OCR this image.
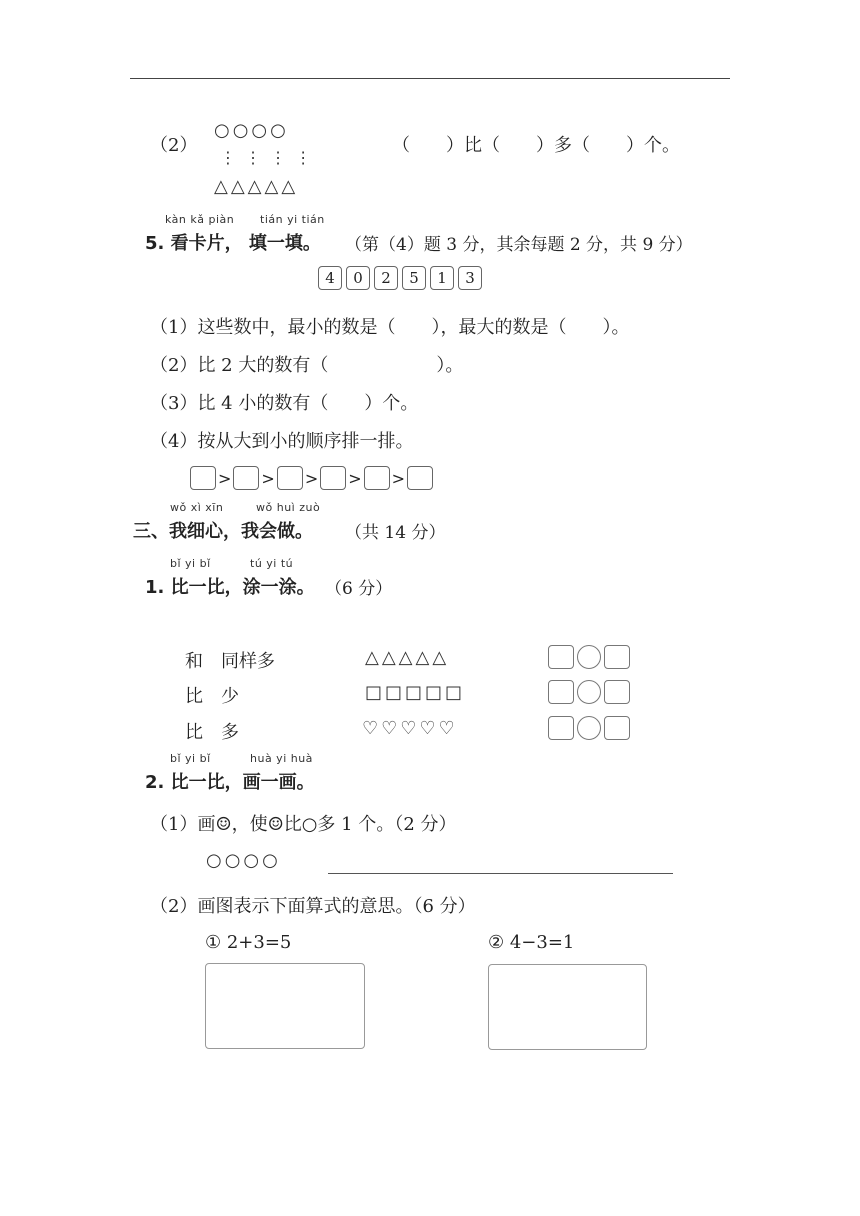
（2）
○○○○
⋮ ⋮ ⋮ ⋮
△△△△△
（　　）比（　　）多（　　）个。
kàn kǎ piàn tián yi tián
5. 看卡片， 填一填。 （第（4）题 3 分，其余每题 2 分，共 9 分）
4 0 2 5 1 3
（1）这些数中，最小的数是（　　），最大的数是（　　）。
（2）比 2 大的数有（　　　　　　）。
（3）比 4 小的数有（　　）个。
（4）按从大到小的顺序排一排。
> > > > >
wǒ xì xīn	wǒ huì zuò
三、我细心，我会做。 （共 14 分）
bǐ yi bǐ	tú yi tú
1. 比一比，涂一涂。 （6 分）
和　同样多	△△△△△
比　少	□□□□□
比　多	♡♡♡♡♡
bǐ yi bǐ	huà yi huà
2. 比一比，画一画。
（1）画☺，使☺比○多 1 个。（2 分）
○○○○
（2）画图表示下面算式的意思。（6 分）
① 2+3=5	② 4−3=1
